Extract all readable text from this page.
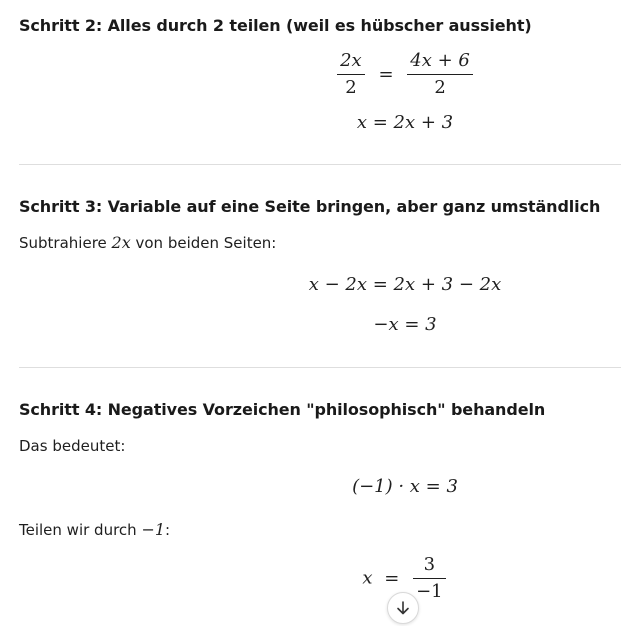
Schritt 2: Alles durch 2 teilen (weil es hübscher aussieht)
$\frac{2x}{2} = \frac{4x + 6}{2}$
x = 2x + 3
Schritt 3: Variable auf eine Seite bringen, aber ganz umständlich

Subtrahiere 2x von beiden Seiten:

x − 2x = 2x + 3 − 2x
−x = 3
Schritt 4: Negatives Vorzeichen "philosophisch" behandeln

Das bedeutet:

(−1) · x = 3

Teilen wir durch −1:

$x = \frac{3}{-1}$
